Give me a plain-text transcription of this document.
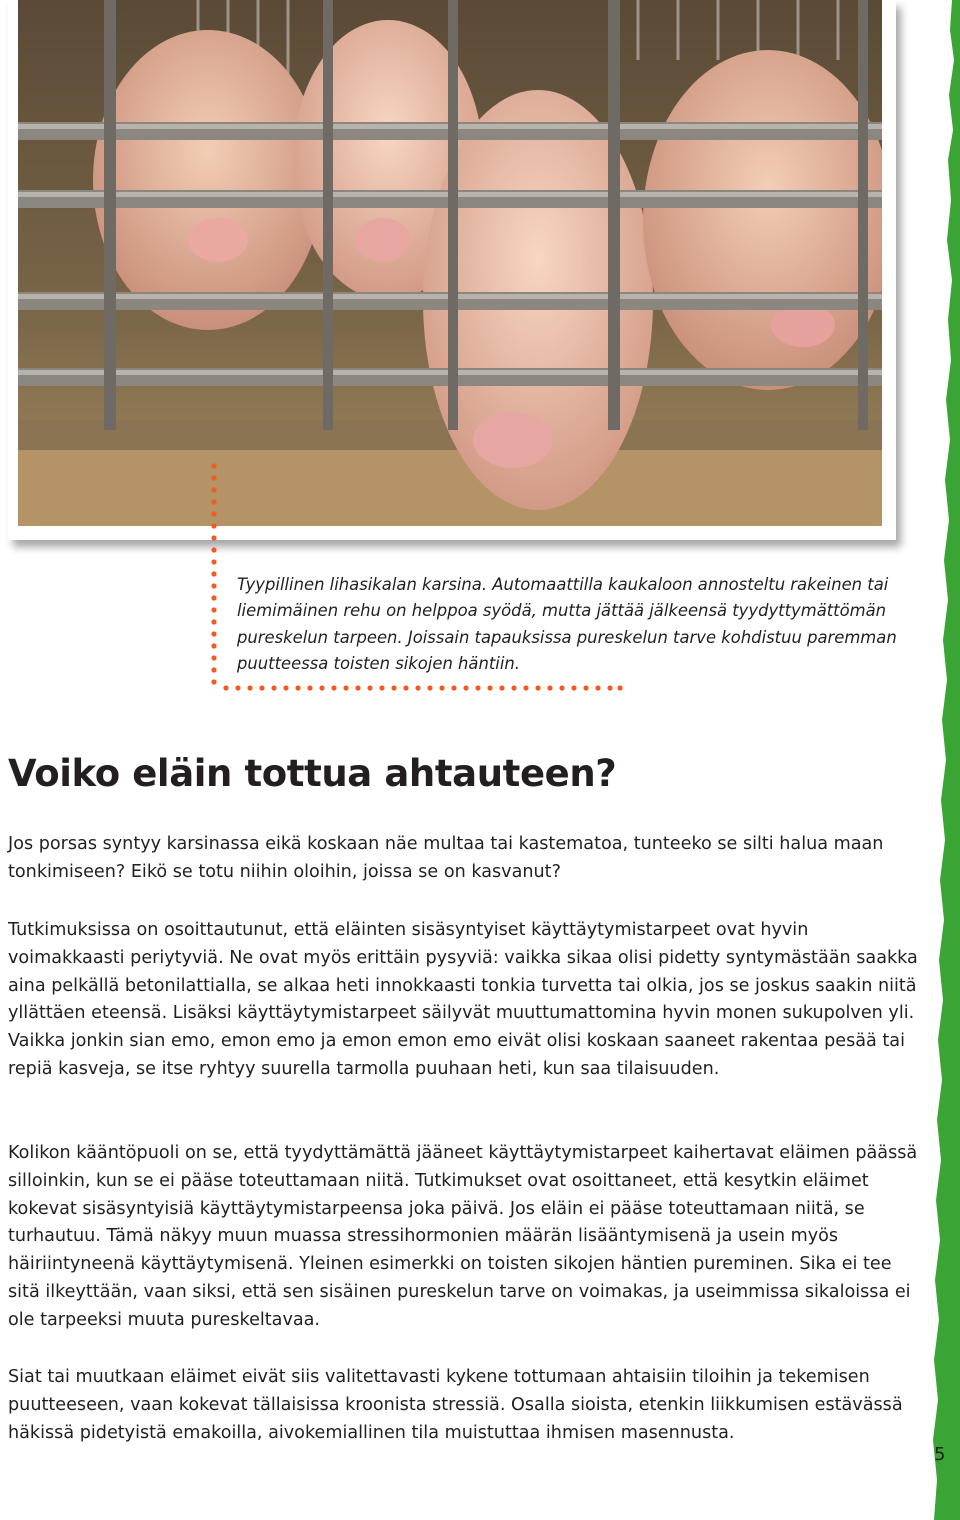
Tyypillinen lihasikalan karsina. Automaattilla kaukaloon annosteltu rakeinen tai liemimäinen rehu on helppoa syödä, mutta jättää jälkeensä tyydyttymättömän pureskelun tarpeen. Joissain tapauksissa pureskelun tarve kohdistuu paremman puutteessa toisten sikojen häntiin.

Voiko eläin tottua ahtauteen?

Jos porsas syntyy karsinassa eikä koskaan näe multaa tai kastematoa, tunteeko se silti halua maan tonkimiseen? Eikö se totu niihin oloihin, joissa se on kasvanut?

Tutkimuksissa on osoittautunut, että eläinten sisäsyntyiset käyttäytymistarpeet ovat hyvin voimakkaasti periytyviä. Ne ovat myös erittäin pysyviä: vaikka sikaa olisi pidetty syntymästään saakka aina pelkällä betonilattialla, se alkaa heti innokkaasti tonkia turvetta tai olkia, jos se joskus saakin niitä yllättäen eteensä. Lisäksi käyttäytymistarpeet säilyvät muuttumattomina hyvin monen sukupolven yli. Vaikka jonkin sian emo, emon emo ja emon emon emo eivät olisi koskaan saaneet rakentaa pesää tai repiä kasveja, se itse ryhtyy suurella tarmolla puuhaan heti, kun saa tilaisuuden.

Kolikon kääntöpuoli on se, että tyydyttämättä jääneet käyttäytymistarpeet kaihertavat eläimen päässä silloinkin, kun se ei pääse toteuttamaan niitä. Tutkimukset ovat osoittaneet, että kesytkin eläimet kokevat sisäsyntyisiä käyttäytymistarpeensa joka päivä. Jos eläin ei pääse toteuttamaan niitä, se turhautuu. Tämä näkyy muun muassa stressihormonien määrän lisääntymisenä ja usein myös häiriintyneenä käyttäytymisenä. Yleinen esimerkki on toisten sikojen häntien pureminen. Sika ei tee sitä ilkeyttään, vaan siksi, että sen sisäinen pureskelun tarve on voimakas, ja useimmissa sikaloissa ei ole tarpeeksi muuta pureskeltavaa.

Siat tai muutkaan eläimet eivät siis valitettavasti kykene tottumaan ahtaisiin tiloihin ja tekemisen puutteeseen, vaan kokevat tällaisissa kroonista stressiä. Osalla sioista, etenkin liikkumisen estävässä häkissä pidetyistä emakoilla, aivokemiallinen tila muistuttaa ihmisen masennusta.

5
